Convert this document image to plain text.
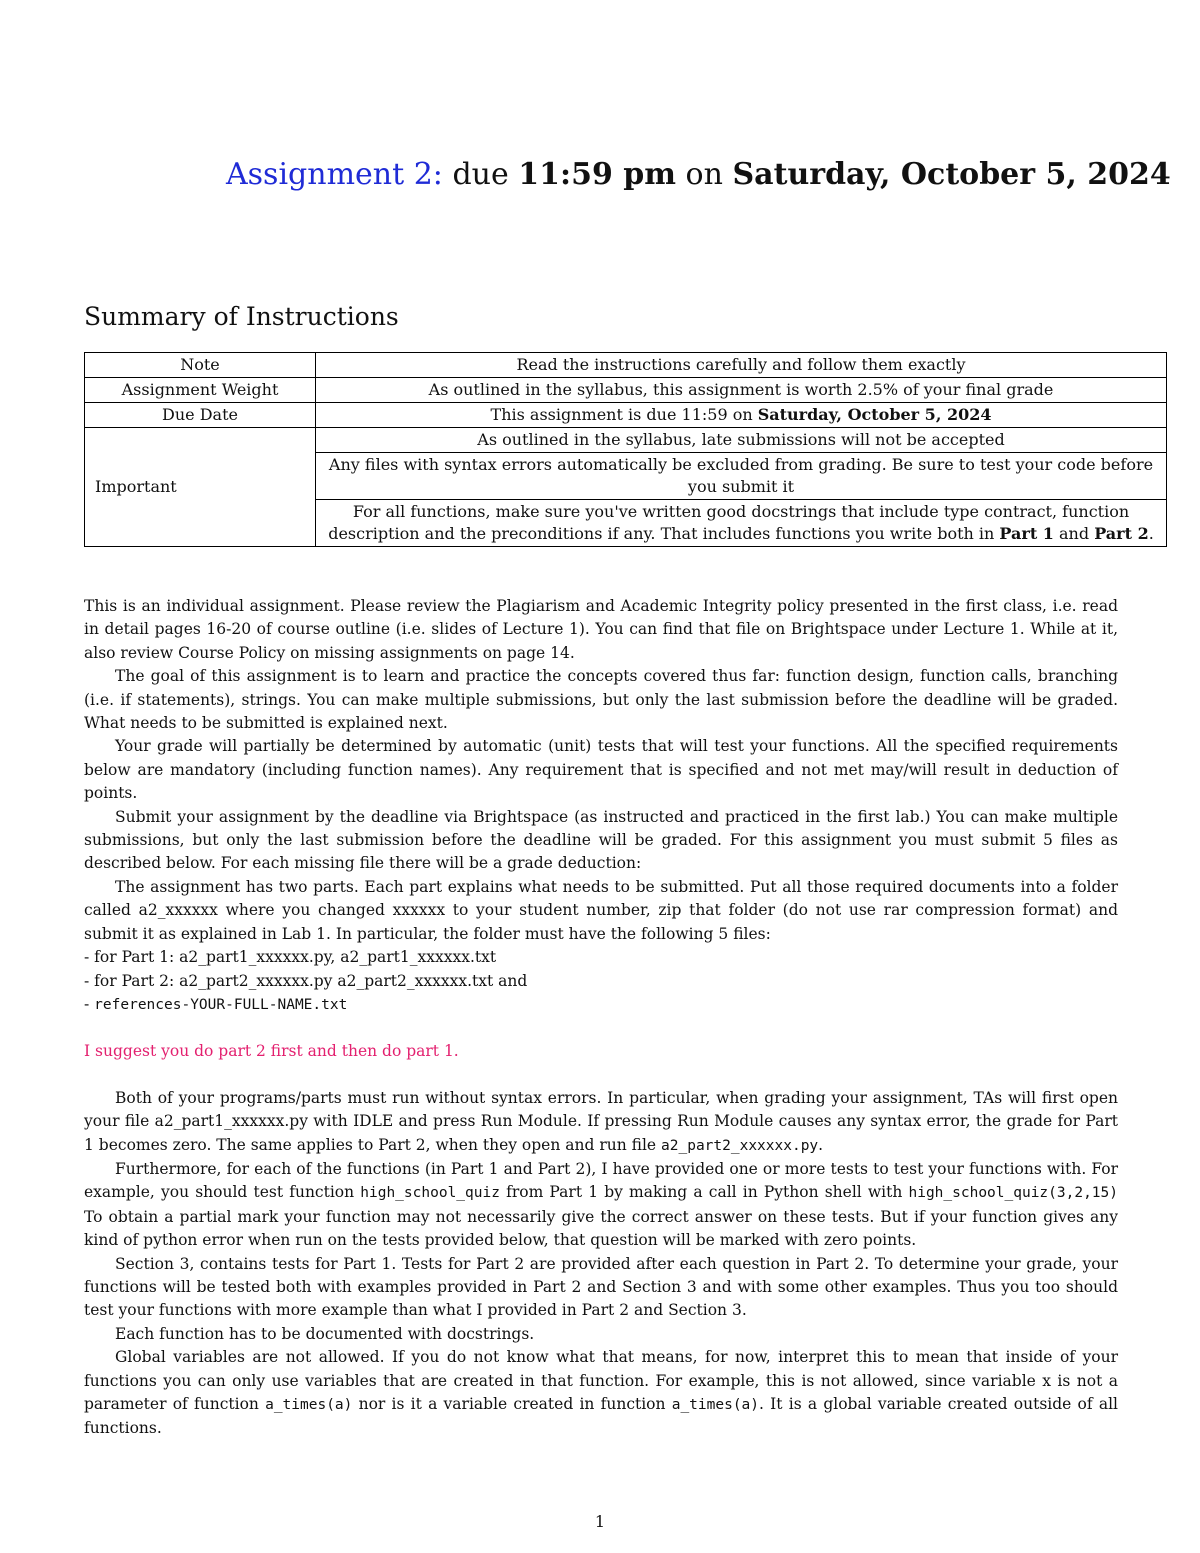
Assignment 2: due 11:59 pm on Saturday, October 5, 2024
Summary of Instructions
Note	Read the instructions carefully and follow them exactly
Assignment Weight	As outlined in the syllabus, this assignment is worth 2.5% of your final grade
Due Date	This assignment is due 11:59 on Saturday, October 5, 2024
Important	As outlined in the syllabus, late submissions will not be accepted
	Any files with syntax errors automatically be excluded from grading. Be sure to test your code before you submit it
	For all functions, make sure you've written good docstrings that include type contract, function description and the preconditions if any. That includes functions you write both in Part 1 and Part 2.

This is an individual assignment. Please review the Plagiarism and Academic Integrity policy presented in the first class, i.e. read in detail pages 16-20 of course outline (i.e. slides of Lecture 1). You can find that file on Brightspace under Lecture 1. While at it, also review Course Policy on missing assignments on page 14.

The goal of this assignment is to learn and practice the concepts covered thus far: function design, function calls, branching (i.e. if statements), strings. You can make multiple submissions, but only the last submission before the deadline will be graded. What needs to be submitted is explained next.

Your grade will partially be determined by automatic (unit) tests that will test your functions. All the specified requirements below are mandatory (including function names). Any requirement that is specified and not met may/will result in deduction of points.

Submit your assignment by the deadline via Brightspace (as instructed and practiced in the first lab.) You can make multiple submissions, but only the last submission before the deadline will be graded. For this assignment you must submit 5 files as described below. For each missing file there will be a grade deduction:

The assignment has two parts. Each part explains what needs to be submitted. Put all those required documents into a folder called a2_xxxxxx where you changed xxxxxx to your student number, zip that folder (do not use rar compression format) and submit it as explained in Lab 1. In particular, the folder must have the following 5 files:

- for Part 1: a2_part1_xxxxxx.py, a2_part1_xxxxxx.txt

- for Part 2: a2_part2_xxxxxx.py a2_part2_xxxxxx.txt and

- references-YOUR-FULL-NAME.txt

I suggest you do part 2 first and then do part 1.

Both of your programs/parts must run without syntax errors. In particular, when grading your assignment, TAs will first open your file a2_part1_xxxxxx.py with IDLE and press Run Module. If pressing Run Module causes any syntax error, the grade for Part 1 becomes zero. The same applies to Part 2, when they open and run file a2_part2_xxxxxx.py.

Furthermore, for each of the functions (in Part 1 and Part 2), I have provided one or more tests to test your functions with. For example, you should test function high_school_quiz from Part 1 by making a call in Python shell with high_school_quiz(3,2,15) To obtain a partial mark your function may not necessarily give the correct answer on these tests. But if your function gives any kind of python error when run on the tests provided below, that question will be marked with zero points.

Section 3, contains tests for Part 1. Tests for Part 2 are provided after each question in Part 2. To determine your grade, your functions will be tested both with examples provided in Part 2 and Section 3 and with some other examples. Thus you too should test your functions with more example than what I provided in Part 2 and Section 3.

Each function has to be documented with docstrings.

Global variables are not allowed. If you do not know what that means, for now, interpret this to mean that inside of your functions you can only use variables that are created in that function. For example, this is not allowed, since variable x is not a parameter of function a_times(a) nor is it a variable created in function a_times(a). It is a global variable created outside of all functions.

1
